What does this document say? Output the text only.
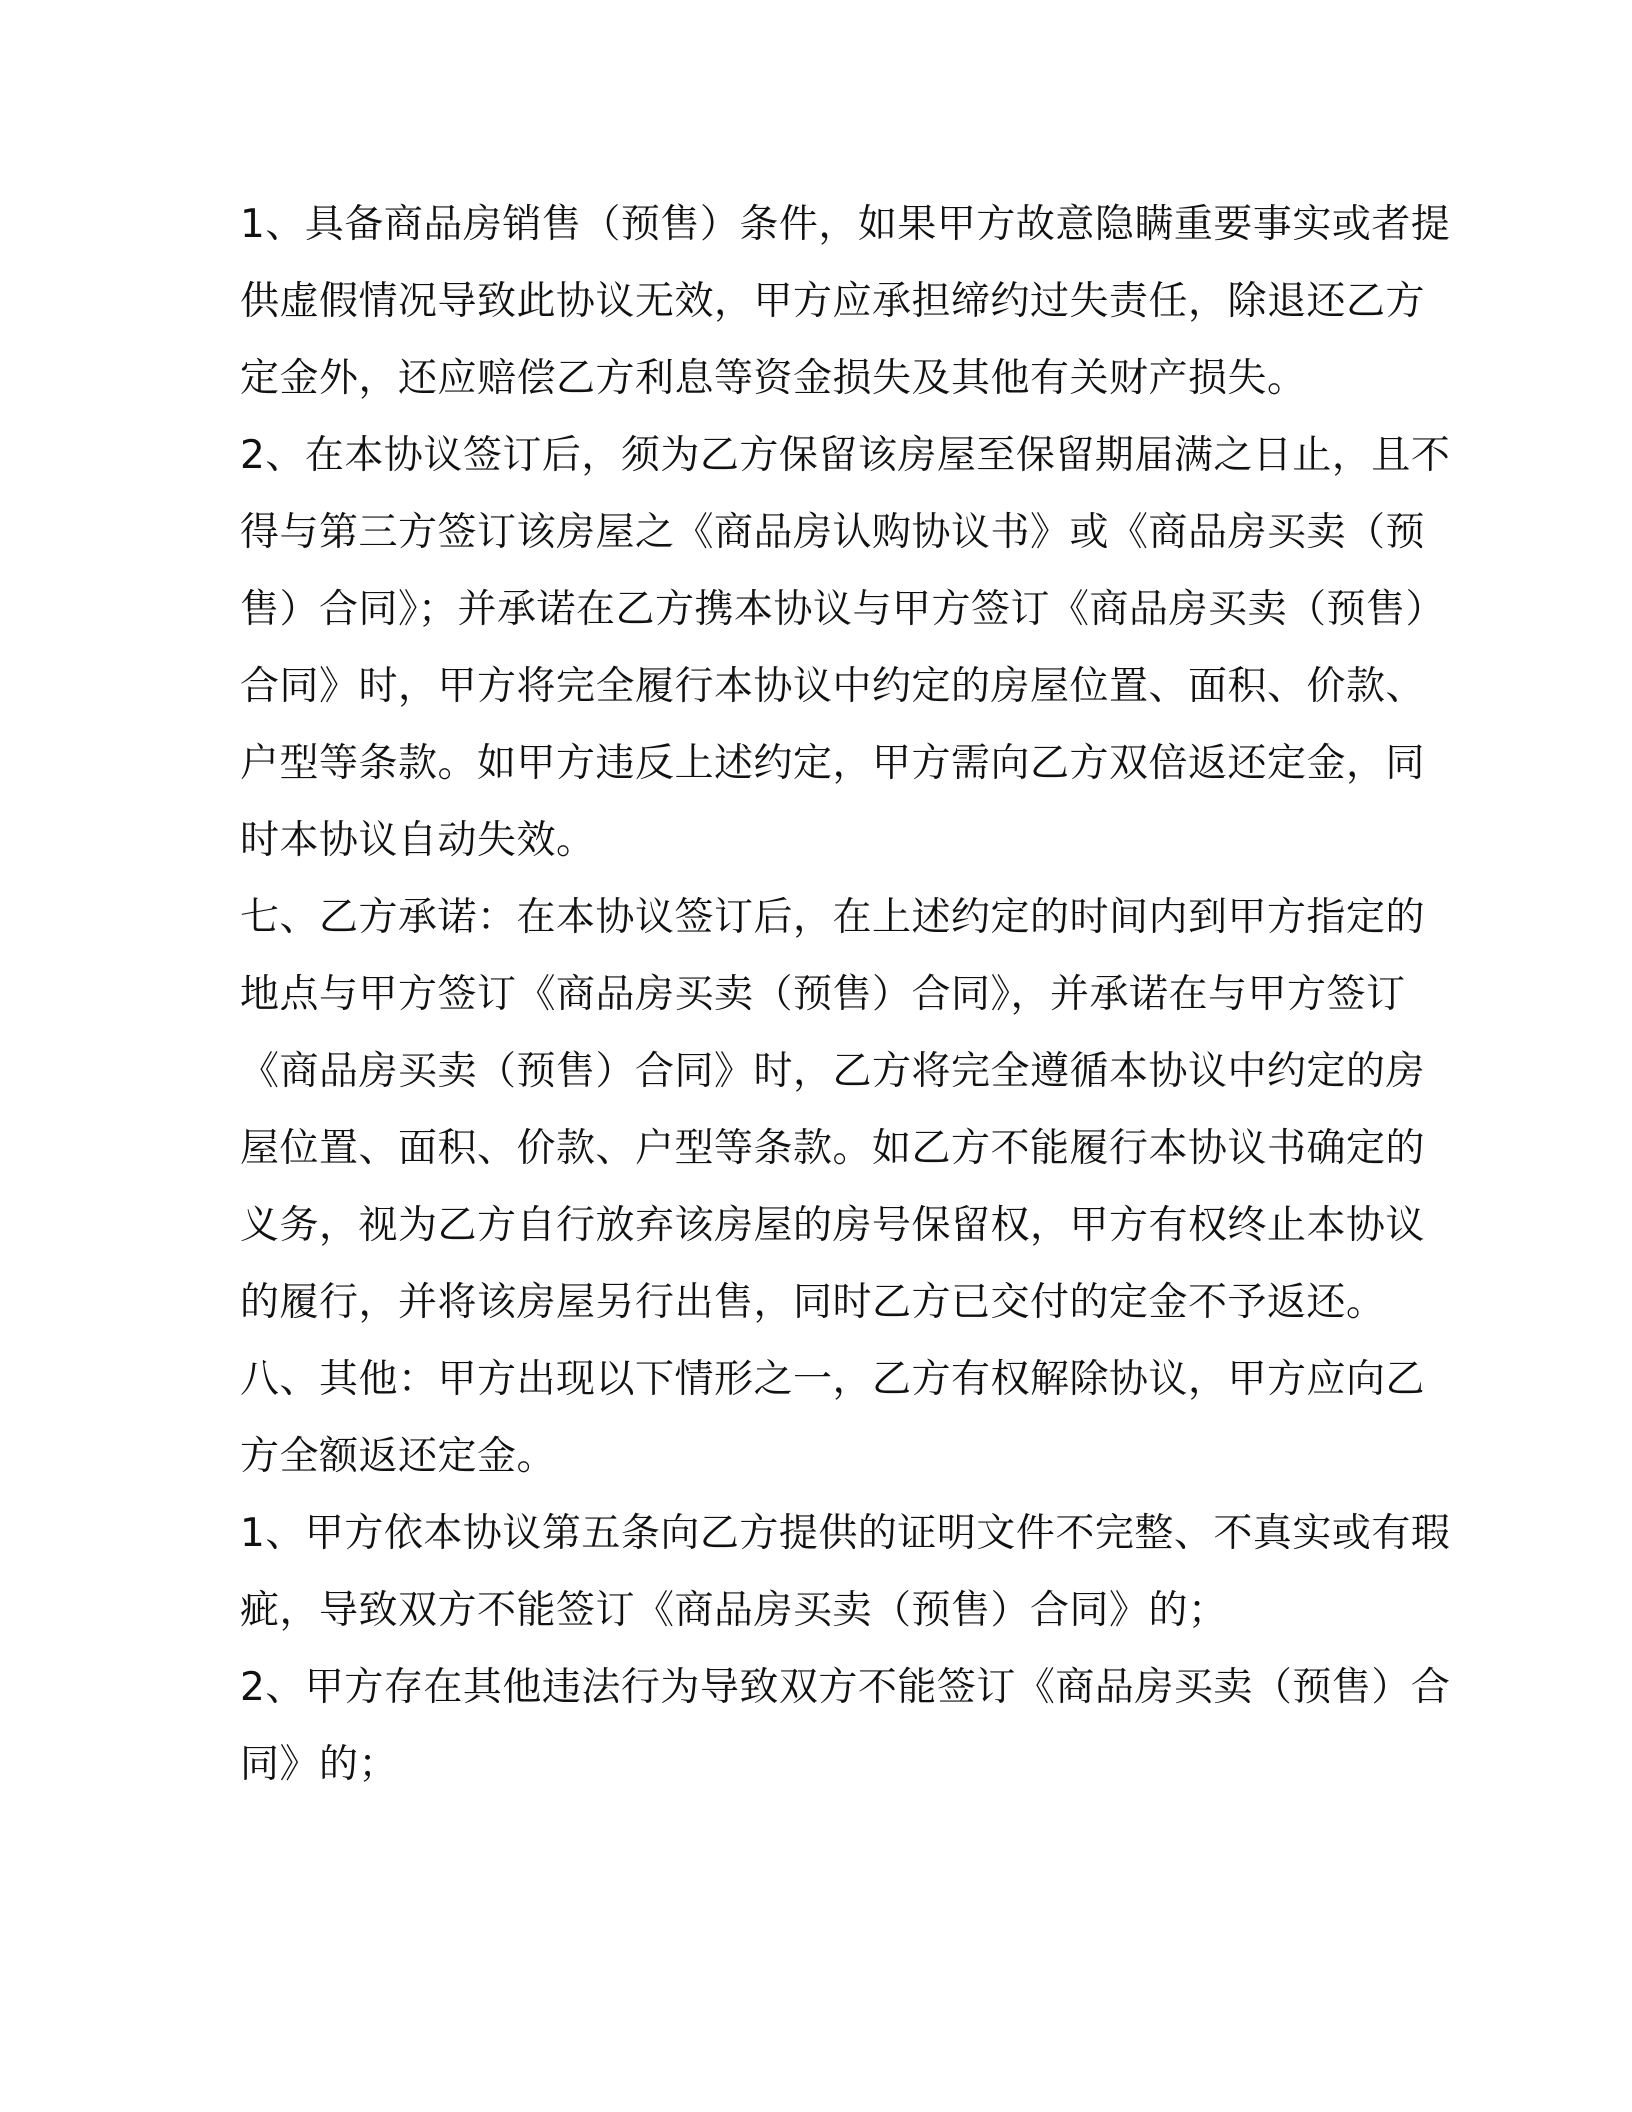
1、具备商品房销售（预售）条件，如果甲方故意隐瞒重要事实或者提
供虚假情况导致此协议无效，甲方应承担缔约过失责任，除退还乙方
定金外，还应赔偿乙方利息等资金损失及其他有关财产损失。
2、在本协议签订后，须为乙方保留该房屋至保留期届满之日止，且不
得与第三方签订该房屋之《商品房认购协议书》或《商品房买卖（预
售）合同》；并承诺在乙方携本协议与甲方签订《商品房买卖（预售）
合同》时，甲方将完全履行本协议中约定的房屋位置、面积、价款、
户型等条款。如甲方违反上述约定，甲方需向乙方双倍返还定金，同
时本协议自动失效。
七、乙方承诺：在本协议签订后，在上述约定的时间内到甲方指定的
地点与甲方签订《商品房买卖（预售）合同》，并承诺在与甲方签订
《商品房买卖（预售）合同》时，乙方将完全遵循本协议中约定的房
屋位置、面积、价款、户型等条款。如乙方不能履行本协议书确定的
义务，视为乙方自行放弃该房屋的房号保留权，甲方有权终止本协议
的履行，并将该房屋另行出售，同时乙方已交付的定金不予返还。
八、其他：甲方出现以下情形之一，乙方有权解除协议，甲方应向乙
方全额返还定金。
1、甲方依本协议第五条向乙方提供的证明文件不完整、不真实或有瑕
疵，导致双方不能签订《商品房买卖（预售）合同》的；
2、甲方存在其他违法行为导致双方不能签订《商品房买卖（预售）合
同》的；
